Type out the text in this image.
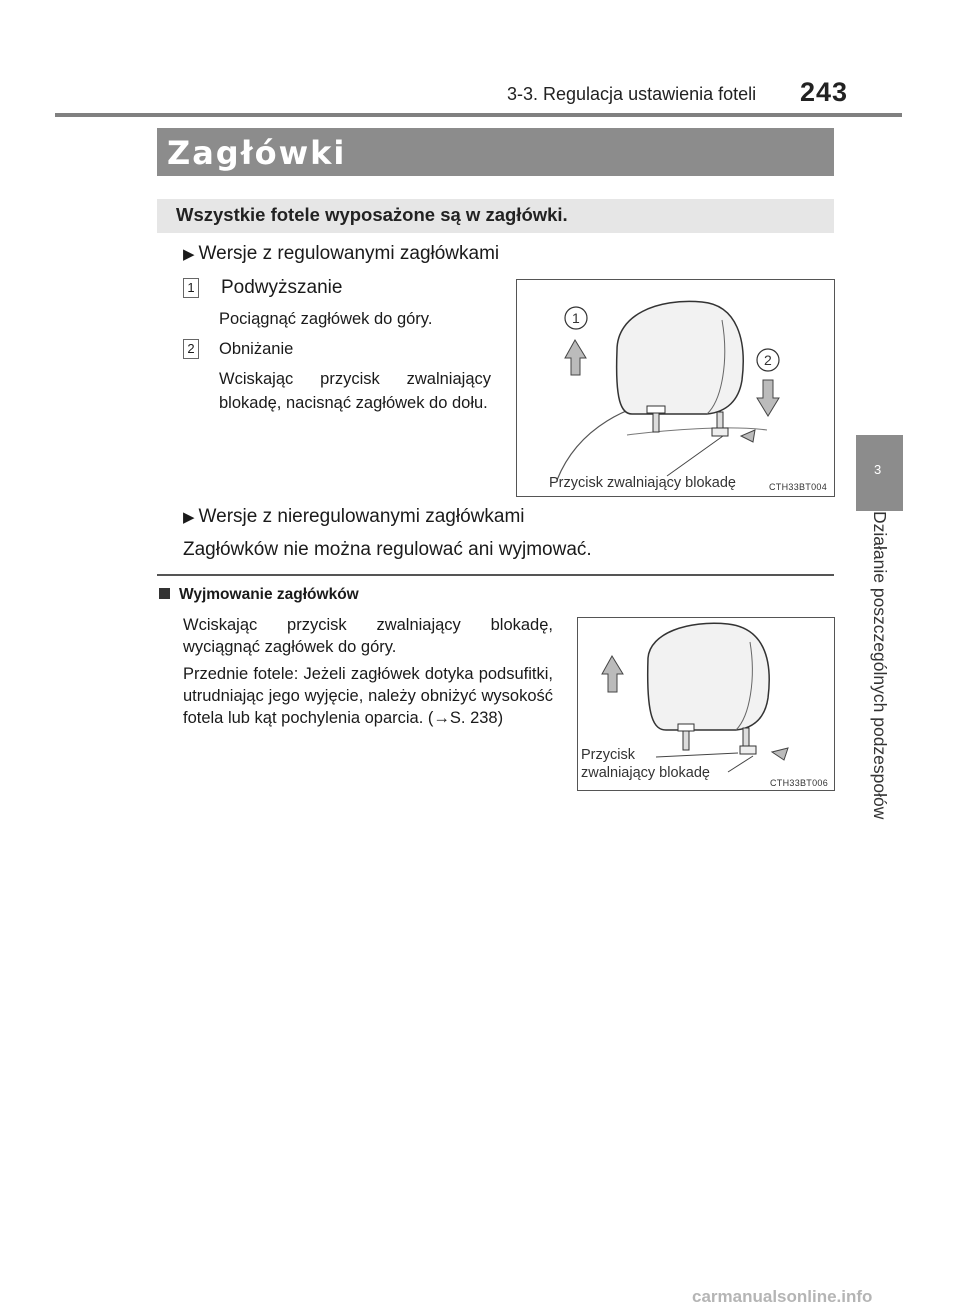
3-3. Regulacja ustawienia foteli 243
Zagłówki
Wszystkie fotele wyposażone są w zagłówki.
▶ Wersje z regulowanymi zagłówkami
1 Podwyższanie
Pociągnąć zagłówek do góry.
2 Obniżanie
Wciskając przycisk zwalniający blokadę, nacisnąć zagłówek do dołu.
1
2
Przycisk zwalniający blokadę	CTH33BT004
▶ Wersje z nieregulowanymi zagłówkami
Zagłówków nie można regulować ani wyjmować.
Wyjmowanie zagłówków
Wciskając przycisk zwalniający blokadę, wyciągnąć zagłówek do góry.
Przednie fotele: Jeżeli zagłówek dotyka podsufitki, utrudniając jego wyjęcie, należy obniżyć wysokość fotela lub kąt pochylenia oparcia. (→S. 238)
Przycisk
zwalniający blokadę
CTH33BT006
3
Działanie poszczególnych podzespołów
carmanualsonline.info
